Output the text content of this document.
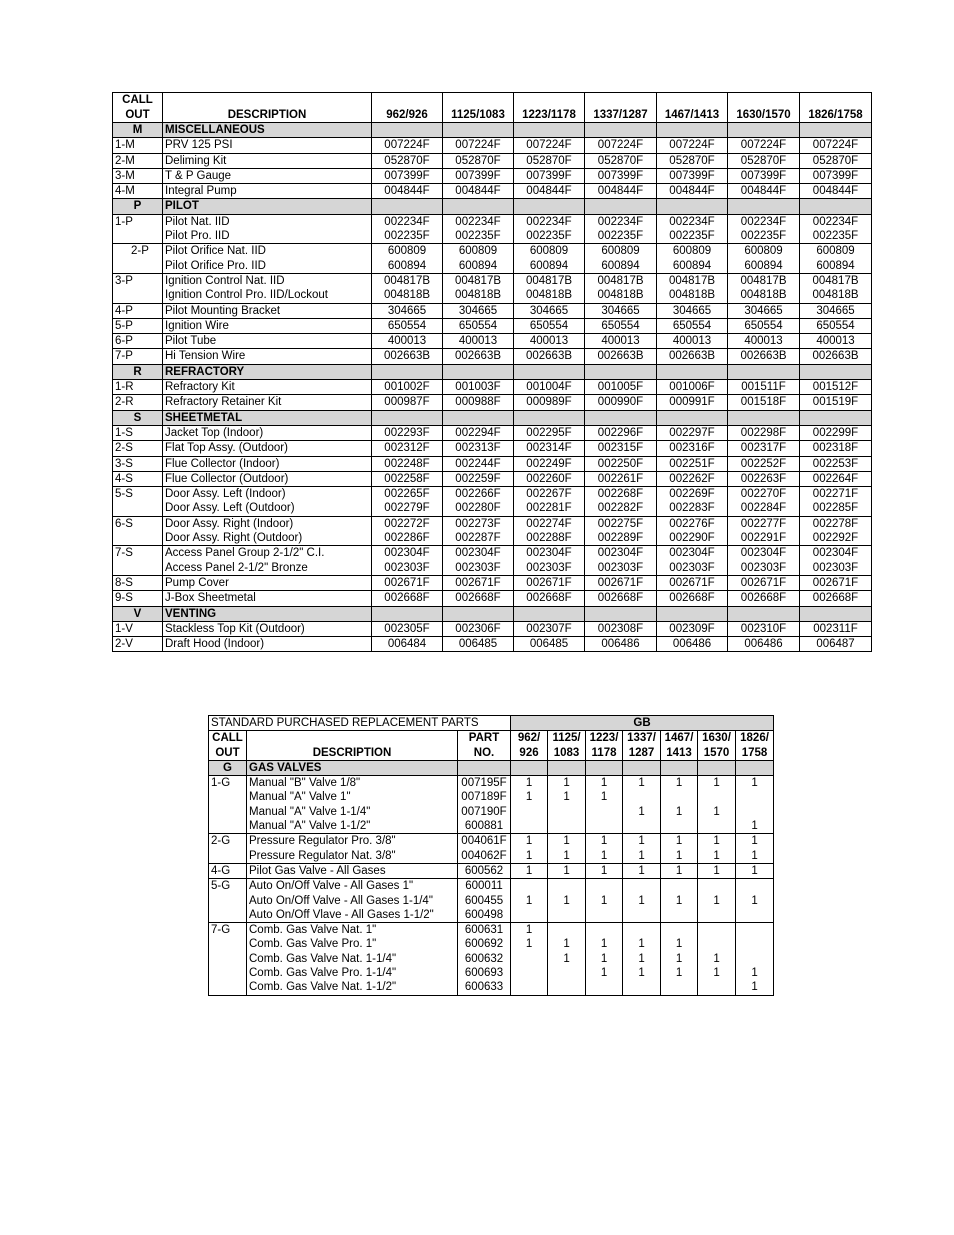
CALL
OUT	DESCRIPTION	962/926	1125/1083	1223/1178	1337/1287	1467/1413	1630/1570	1826/1758
M	MISCELLANEOUS							
1-M	PRV 125 PSI	007224F	007224F	007224F	007224F	007224F	007224F	007224F
2-M	Deliming Kit	052870F	052870F	052870F	052870F	052870F	052870F	052870F
3-M	T & P Gauge	007399F	007399F	007399F	007399F	007399F	007399F	007399F
4-M	Integral Pump	004844F	004844F	004844F	004844F	004844F	004844F	004844F
P	PILOT							
1-P	Pilot Nat. IID	002234F	002234F	002234F	002234F	002234F	002234F	002234F
	Pilot Pro. IID	002235F	002235F	002235F	002235F	002235F	002235F	002235F
2-P	Pilot Orifice Nat. IID	600809	600809	600809	600809	600809	600809	600809
	Pilot Orifice Pro. IID	600894	600894	600894	600894	600894	600894	600894
3-P	Ignition Control Nat. IID	004817B	004817B	004817B	004817B	004817B	004817B	004817B
	Ignition Control Pro. IID/Lockout	004818B	004818B	004818B	004818B	004818B	004818B	004818B
4-P	Pilot Mounting Bracket	304665	304665	304665	304665	304665	304665	304665
5-P	Ignition Wire	650554	650554	650554	650554	650554	650554	650554
6-P	Pilot Tube	400013	400013	400013	400013	400013	400013	400013
7-P	Hi Tension Wire	002663B	002663B	002663B	002663B	002663B	002663B	002663B
R	REFRACTORY							
1-R	Refractory Kit	001002F	001003F	001004F	001005F	001006F	001511F	001512F
2-R	Refractory Retainer Kit	000987F	000988F	000989F	000990F	000991F	001518F	001519F
S	SHEETMETAL							
1-S	Jacket Top (Indoor)	002293F	002294F	002295F	002296F	002297F	002298F	002299F
2-S	Flat Top Assy. (Outdoor)	002312F	002313F	002314F	002315F	002316F	002317F	002318F
3-S	Flue Collector (Indoor)	002248F	002244F	002249F	002250F	002251F	002252F	002253F
4-S	Flue Collector (Outdoor)	002258F	002259F	002260F	002261F	002262F	002263F	002264F
5-S	Door Assy. Left (Indoor)	002265F	002266F	002267F	002268F	002269F	002270F	002271F
	Door Assy. Left (Outdoor)	002279F	002280F	002281F	002282F	002283F	002284F	002285F
6-S	Door Assy. Right (Indoor)	002272F	002273F	002274F	002275F	002276F	002277F	002278F
	Door Assy. Right (Outdoor)	002286F	002287F	002288F	002289F	002290F	002291F	002292F
7-S	Access Panel Group 2-1/2" C.I.	002304F	002304F	002304F	002304F	002304F	002304F	002304F
	Access Panel 2-1/2" Bronze	002303F	002303F	002303F	002303F	002303F	002303F	002303F
8-S	Pump Cover	002671F	002671F	002671F	002671F	002671F	002671F	002671F
9-S	J-Box Sheetmetal	002668F	002668F	002668F	002668F	002668F	002668F	002668F
V	VENTING							
1-V	Stackless Top Kit (Outdoor)	002305F	002306F	002307F	002308F	002309F	002310F	002311F
2-V	Draft Hood (Indoor)	006484	006485	006485	006486	006486	006486	006487
STANDARD PURCHASED REPLACEMENT PARTS			GB						
CALL		PART	962/	1125/	1223/	1337/	1467/	1630/	1826/
OUT	DESCRIPTION	NO.	926	1083	1178	1287	1413	1570	1758
G	GAS VALVES								
1-G	Manual "B" Valve 1/8"	007195F	1	1	1	1	1	1	1
	Manual "A" Valve 1"	007189F	1	1	1				
	Manual "A" Valve 1-1/4"	007190F				1	1	1	
	Manual "A" Valve 1-1/2"	600881							1
2-G	Pressure Regulator Pro. 3/8"	004061F	1	1	1	1	1	1	1
	Pressure Regulator Nat. 3/8"	004062F	1	1	1	1	1	1	1
4-G	Pilot Gas Valve - All Gases	600562	1	1	1	1	1	1	1
5-G	Auto On/Off Valve - All Gases 1"	600011							
	Auto On/Off Valve - All Gases 1-1/4"	600455	1	1	1	1	1	1	1
	Auto On/Off Vlave - All Gases 1-1/2"	600498							
7-G	Comb. Gas Valve Nat. 1"	600631	1						
	Comb. Gas Valve Pro. 1"	600692	1	1	1	1	1		
	Comb. Gas Valve Nat. 1-1/4"	600632		1	1	1	1	1	
	Comb. Gas Valve Pro. 1-1/4"	600693			1	1	1	1	1
	Comb. Gas Valve Nat. 1-1/2"	600633							1
